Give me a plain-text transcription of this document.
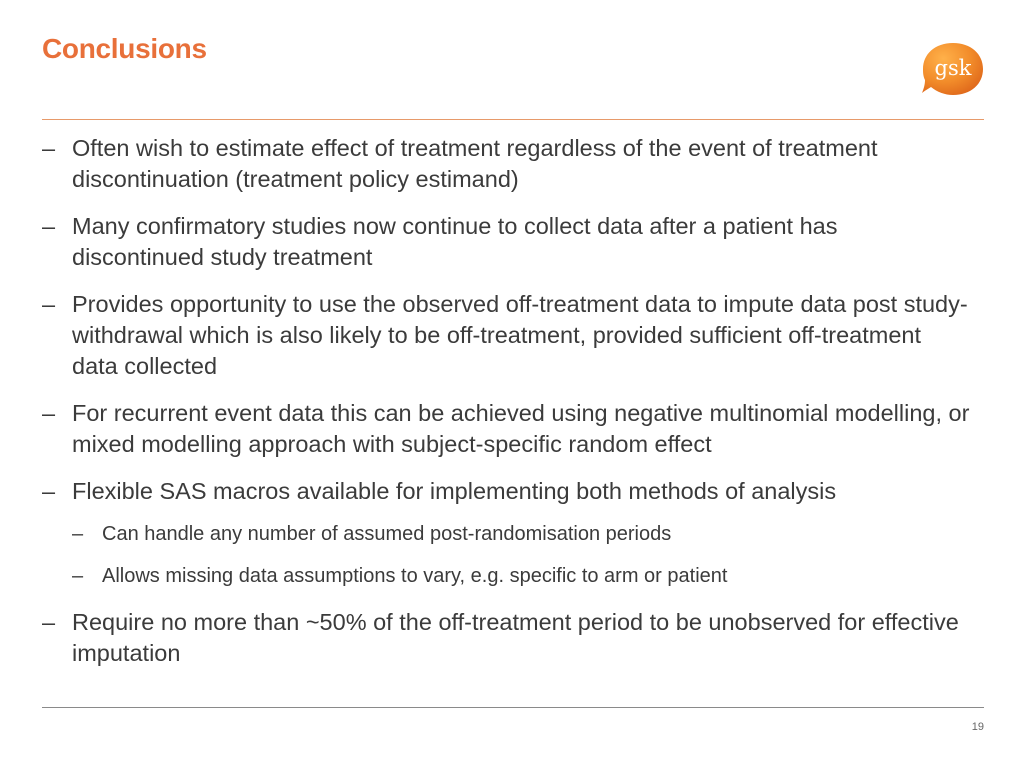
Conclusions
gsk
– Often wish to estimate effect of treatment regardless of the event of treatment discontinuation (treatment policy estimand)
– Many confirmatory studies now continue to collect data after a patient has discontinued study treatment
– Provides opportunity to use the observed off-treatment data to impute data post study-withdrawal which is also likely to be off-treatment, provided sufficient off-treatment data collected
– For recurrent event data this can be achieved using negative multinomial modelling, or mixed modelling approach with subject-specific random effect
– Flexible SAS macros available for implementing both methods of analysis
– Can handle any number of assumed post-randomisation periods
– Allows missing data assumptions to vary, e.g. specific to arm or patient
– Require no more than ~50% of the off-treatment period to be unobserved for effective imputation
19
